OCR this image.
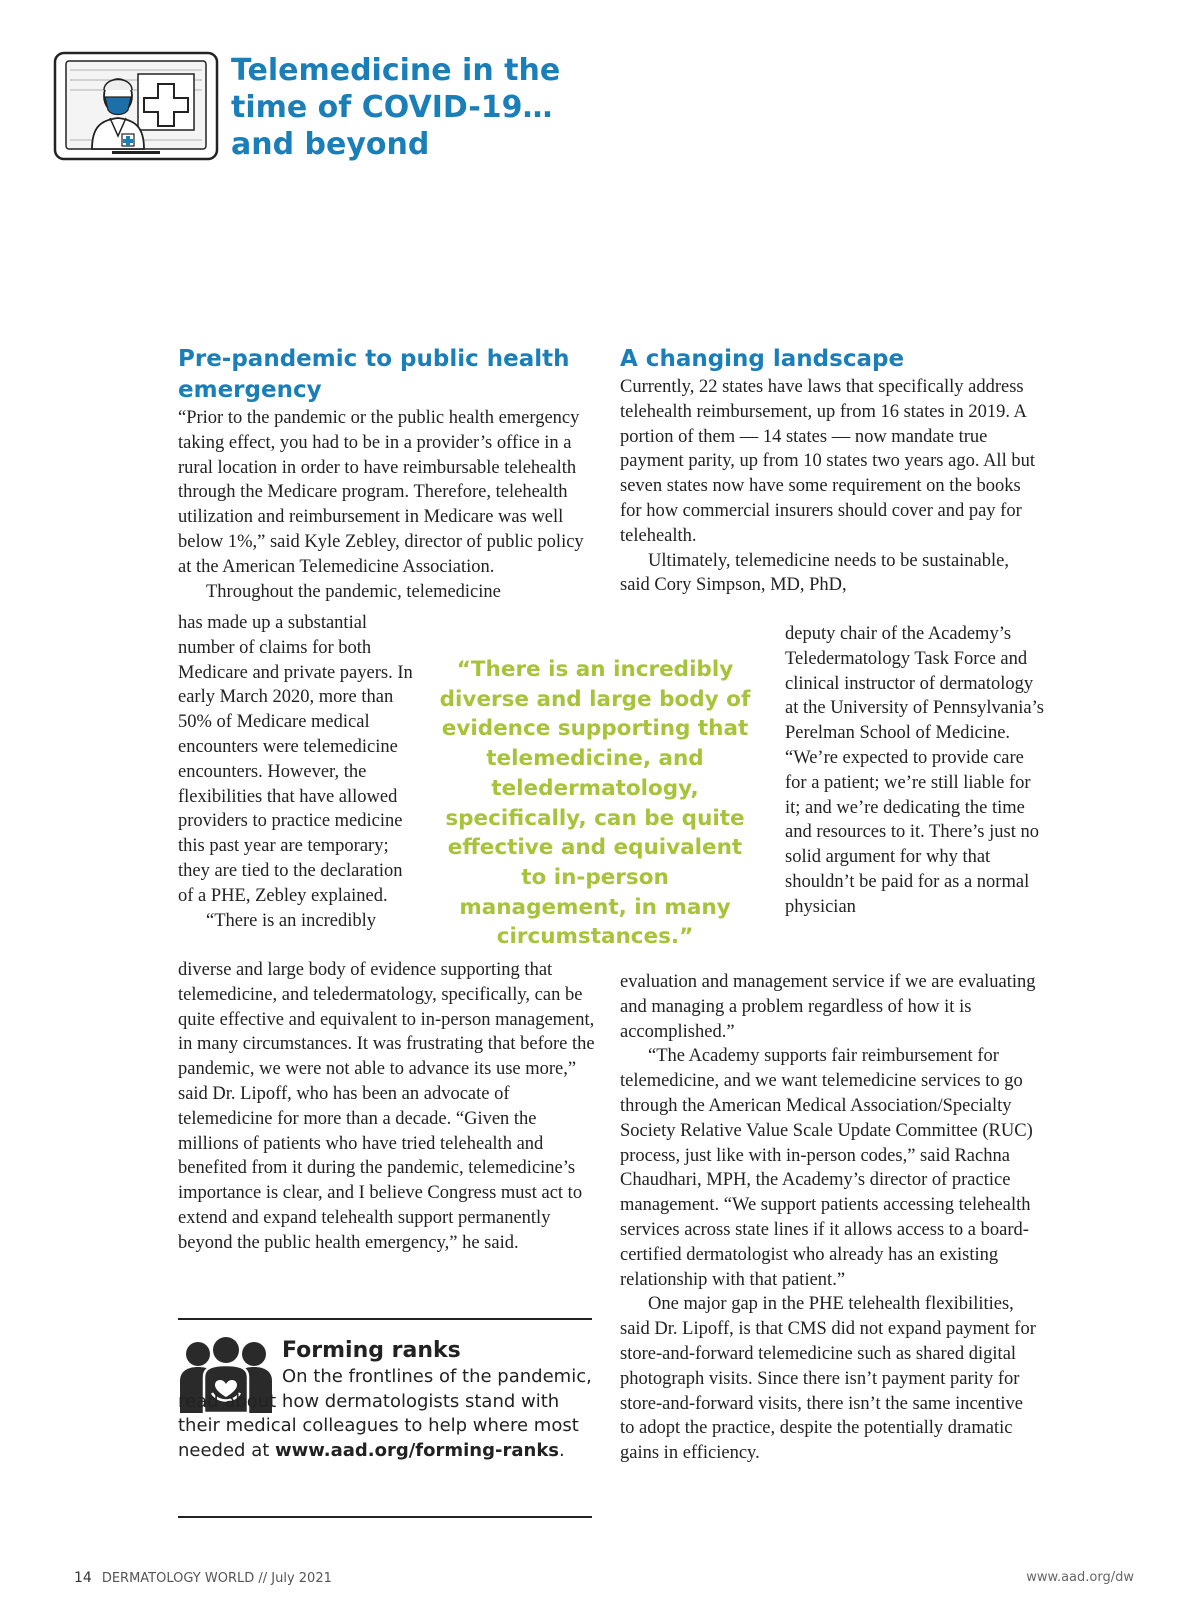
Telemedicine in the
time of COVID-19…
and beyond
Pre-pandemic to public health
emergency

“Prior to the pandemic or the public health emergency taking effect, you had to be in a provider’s office in a rural location in order to have reimbursable telehealth through the Medicare program. Therefore, telehealth utilization and reimbursement in Medicare was well below 1%,” said Kyle Zebley, director of public policy at the American Telemedicine Association.

Throughout the pandemic, telemedicine

has made up a substantial number of claims for both Medicare and private payers. In early March 2020, more than 50% of Medicare medical encounters were telemedicine encounters. However, the flexibilities that have allowed providers to practice medicine this past year are temporary; they are tied to the declaration of a PHE, Zebley explained.

“There is an incredibly

diverse and large body of evidence supporting that telemedicine, and teledermatology, specifically, can be quite effective and equivalent to in-person management, in many circumstances. It was frustrating that before the pandemic, we were not able to advance its use more,” said Dr. Lipoff, who has been an advocate of telemedicine for more than a decade. “Given the millions of patients who have tried telehealth and benefited from it during the pandemic, telemedicine’s importance is clear, and I believe Congress must act to extend and expand telehealth support permanently beyond the public health emergency,” he said.

“There is an incredibly diverse and large body of evidence supporting that telemedicine, and teledermatology, specifically, can be quite effective and equivalent to in-person management, in many circumstances.”

A changing landscape

Currently, 22 states have laws that specifically address telehealth reimbursement, up from 16 states in 2019. A portion of them — 14 states — now mandate true payment parity, up from 10 states two years ago. All but seven states now have some requirement on the books for how commercial insurers should cover and pay for telehealth.

Ultimately, telemedicine needs to be sustainable, said Cory Simpson, MD, PhD,

deputy chair of the Academy’s Teledermatology Task Force and clinical instructor of dermatology at the University of Pennsylvania’s Perelman School of Medicine. “We’re expected to provide care for a patient; we’re still liable for it; and we’re dedicating the time and resources to it. There’s just no solid argument for why that shouldn’t be paid for as a normal physician

evaluation and management service if we are evaluating and managing a problem regardless of how it is accomplished.”

“The Academy supports fair reimbursement for telemedicine, and we want telemedicine services to go through the American Medical Association/Specialty Society Relative Value Scale Update Committee (RUC) process, just like with in-person codes,” said Rachna Chaudhari, MPH, the Academy’s director of practice management. “We support patients accessing telehealth services across state lines if it allows access to a board-certified dermatologist who already has an existing relationship with that patient.”

One major gap in the PHE telehealth flexibilities, said Dr. Lipoff, is that CMS did not expand payment for store-and-forward telemedicine such as shared digital photograph visits. Since there isn’t payment parity for store-and-forward visits, there isn’t the same incentive to adopt the practice, despite the potentially dramatic gains in efficiency.

Forming ranks

On the frontlines of the pandemic, read about how dermatologists stand with their medical colleagues to help where most needed at www.aad.org/forming-ranks.

14 DERMATOLOGY WORLD // July 2021	www.aad.org/dw
